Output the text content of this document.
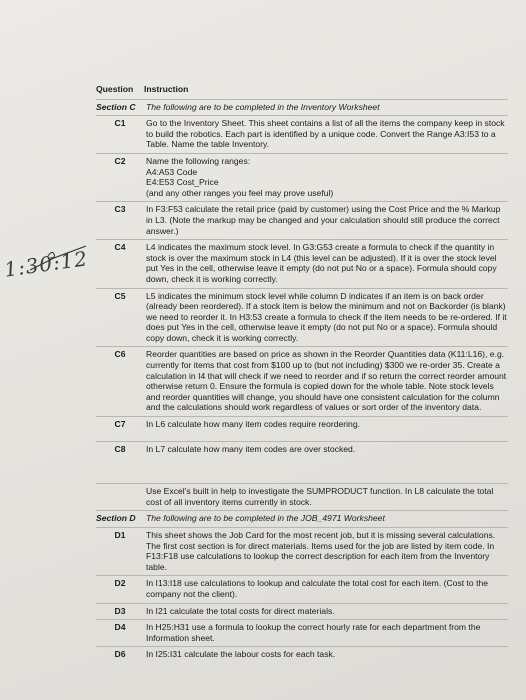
1:30:12
Question	Instruction
Section C	The following are to be completed in the Inventory Worksheet
C1	Go to the Inventory Sheet. This sheet contains a list of all the items the company keep in stock to build the robotics. Each part is identified by a unique code. Convert the Range A3:I53 to a Table. Name the table Inventory.
C2	Name the following ranges:
A4:A53 Code
E4:E53 Cost_Price
(and any other ranges you feel may prove useful)
C3	In F3:F53 calculate the retail price (paid by customer) using the Cost Price and the % Markup in L3. (Note the markup may be changed and your calculation should still produce the correct answer.)
C4	L4 indicates the maximum stock level. In G3:G53 create a formula to check if the quantity in stock is over the maximum stock in L4 (this level can be adjusted). If it is over the stock level put Yes in the cell, otherwise leave it empty (do not put No or a space). Formula should copy down, check it is working correctly.
C5	L5 indicates the minimum stock level while column D indicates if an item is on back order (already been reordered). If a stock item is below the minimum and not on Backorder (is blank) we need to reorder it. In H3:53 create a formula to check if the item needs to be re-ordered. If it does put Yes in the cell, otherwise leave it empty (do not put No or a space). Formula should copy down, check it is working correctly.
C6	Reorder quantities are based on price as shown in the Reorder Quantities data (K11:L16), e.g. currently for items that cost from $100 up to (but not including) $300 we re-order 35. Create a calculation in I4 that will check if we need to reorder and if so return the correct reorder amount otherwise return 0. Ensure the formula is copied down for the whole table. Note stock levels and reorder quantities will change, you should have one consistent calculation for the column and the calculations should work regardless of values or sort order of the inventory data.
C7	In L6 calculate how many item codes require reordering.
C8	In L7 calculate how many item codes are over stocked.
Use Excel's built in help to investigate the SUMPRODUCT function. In L8 calculate the total cost of all inventory items currently in stock.
Section D	The following are to be completed in the JOB_4971 Worksheet
D1	This sheet shows the Job Card for the most recent job, but it is missing several calculations. The first cost section is for direct materials. Items used for the job are listed by item code. In F13:F18 use calculations to lookup the correct description for each item from the Inventory table.
D2	In I13:I18 use calculations to lookup and calculate the total cost for each item. (Cost to the company not the client).
D3	In I21 calculate the total costs for direct materials.
D4	In H25:H31 use a formula to lookup the correct hourly rate for each department from the Information sheet.
D6	In I25:I31 calculate the labour costs for each task.
